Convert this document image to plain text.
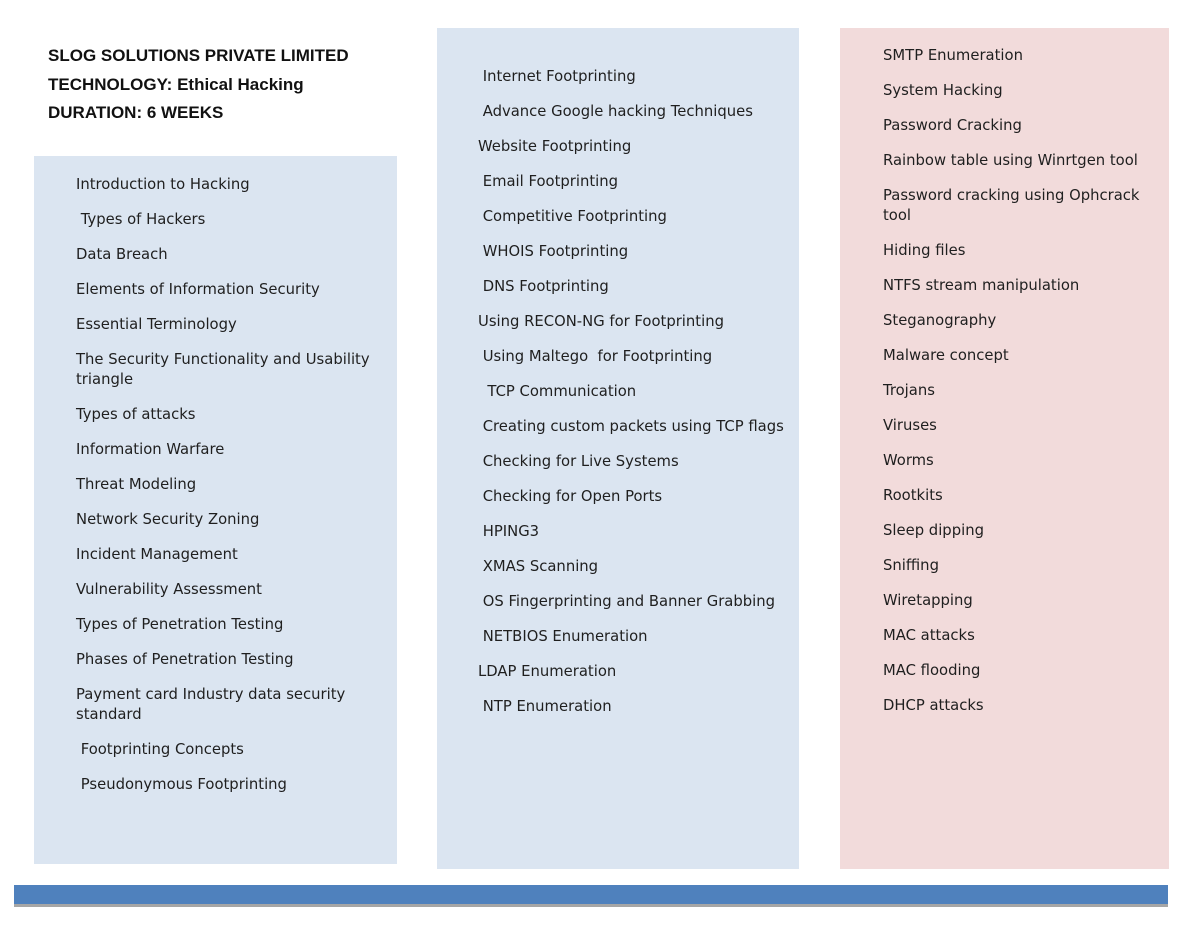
SLOG SOLUTIONS PRIVATE LIMITED
TECHNOLOGY: Ethical Hacking
DURATION: 6 WEEKS
Introduction to Hacking
Types of Hackers
Data Breach
Elements of Information Security
Essential Terminology
The Security Functionality and Usability triangle
Types of attacks
Information Warfare
Threat Modeling
Network Security Zoning
Incident Management
Vulnerability Assessment
Types of Penetration Testing
Phases of Penetration Testing
Payment card Industry data security standard
Footprinting Concepts
Pseudonymous Footprinting
Internet Footprinting
Advance Google hacking Techniques
Website Footprinting
Email Footprinting
Competitive Footprinting
WHOIS Footprinting
DNS Footprinting
Using RECON-NG for Footprinting
Using Maltego  for Footprinting
TCP Communication
Creating custom packets using TCP flags
Checking for Live Systems
Checking for Open Ports
HPING3
XMAS Scanning
OS Fingerprinting and Banner Grabbing
NETBIOS Enumeration
LDAP Enumeration
NTP Enumeration
SMTP Enumeration
System Hacking
Password Cracking
Rainbow table using Winrtgen tool
Password cracking using Ophcrack tool
Hiding files
NTFS stream manipulation
Steganography
Malware concept
Trojans
Viruses
Worms
Rootkits
Sleep dipping
Sniffing
Wiretapping
MAC attacks
MAC flooding
DHCP attacks
